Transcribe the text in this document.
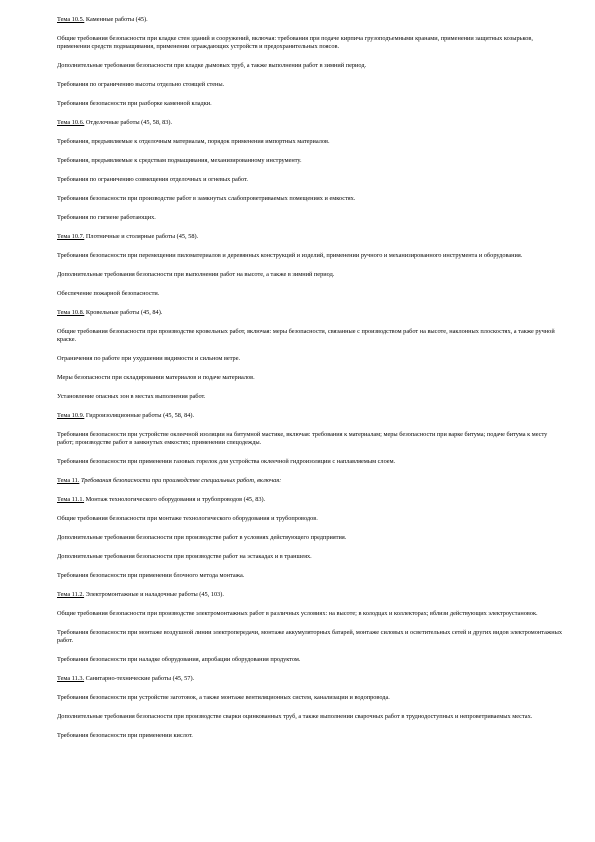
Тема 10.5. Каменные работы (45).

Общие требования безопасности при кладке стен зданий и сооружений, включая: требования при подаче кирпича грузоподъемными кранами, применении защитных козырьков, применении средств подмащивания, применении ограждающих устройств и предохранительных поясов.

Дополнительные требования безопасности при кладке дымовых труб, а также выполнении работ в зимний период.

Требования по ограничению высоты отдельно стоящей стены.

Требования безопасности при разборке каменной кладки.

Тема 10.6. Отделочные работы (45, 58, 83).

Требования, предъявляемые к отделочным материалам, порядок применения импортных материалов.

Требования, предъявляемые к средствам подмащивания, механизированному инструменту.

Требования по ограничению совмещения отделочных и огневых работ.

Требования безопасности при производстве работ в замкнутых слабопроветриваемых помещениях и емкостях.

Требования по гигиене работающих.

Тема 10.7. Плотничные и столярные работы (45, 58).

Требования безопасности при перемещении пиломатериалов и деревянных конструкций и изделий, применении ручного и механизированного инструмента и оборудования.

Дополнительные требования безопасности при выполнении работ на высоте, а также в зимний период.

Обеспечение пожарной безопасности.

Тема 10.8. Кровельные работы (45, 84).

Общие требования безопасности при производстве кровельных работ, включая: меры безопасности, связанные с производством работ на высоте, наклонных плоскостях, а также ручной краске.

Ограничения по работе при ухудшении видимости и сильном ветре.

Меры безопасности при складировании материалов и подаче материалов.

Установление опасных зон в местах выполнения работ.

Тема 10.9. Гидроизоляционные работы (45, 58, 84).

Требования безопасности при устройстве оклеечной изоляции на битумной мастике, включая: требования к материалам; меры безопасности при варке битума; подаче битума к месту работ; производстве работ в замкнутых емкостях; применении спецодежды.

Требования безопасности при применении газовых горелок для устройства оклеечной гидроизоляции с наплавляемым слоем.

Тема 11. Требования безопасности при производстве специальных работ, включая:

Тема 11.1. Монтаж технологического оборудования и трубопроводов (45, 83).

Общие требования безопасности при монтаже технологического оборудования и трубопроводов.

Дополнительные требования безопасности при производстве работ в условиях действующего предприятия.

Дополнительные требования безопасности при производстве работ на эстакадах и в траншеях.

Требования безопасности при применении блочного метода монтажа.

Тема 11.2. Электромонтажные и наладочные работы (45, 103).

Общие требования безопасности при производстве электромонтажных работ в различных условиях: на высоте; в колодцах и коллекторах; вблизи действующих электроустановок.

Требования безопасности при монтаже воздушной линии электропередачи, монтаже аккумуляторных батарей, монтаже силовых и осветительных сетей и других видов электромонтажных работ.

Требования безопасности при наладке оборудования, апробации оборудования продуктом.

Тема 11.3. Санитарно-технические работы (45, 57).

Требования безопасности при устройстве заготовок, а также монтаже вентиляционных систем, канализации и водопровода.

Дополнительные требования безопасности при производстве сварки оцинкованных труб, а также выполнении сварочных работ в труднодоступных и непроветриваемых местах.

Требования безопасности при применении кислот.
